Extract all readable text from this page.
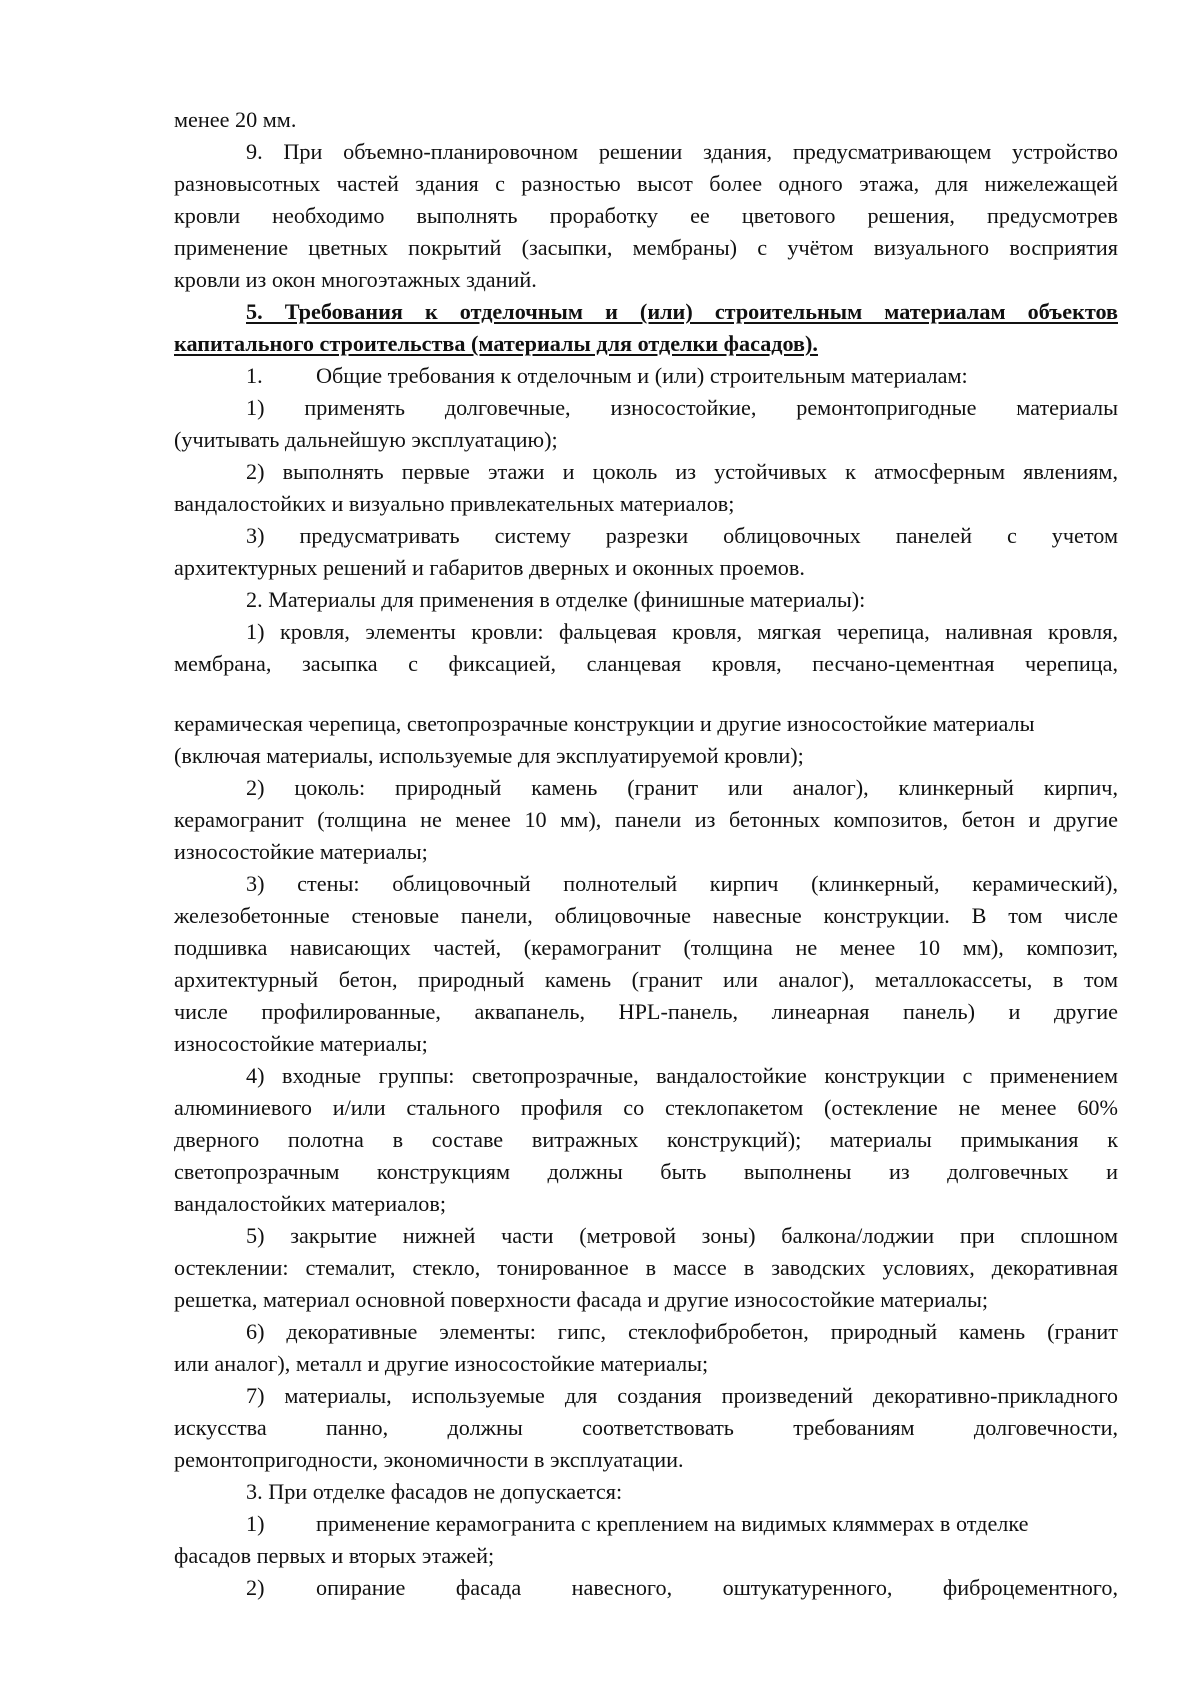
менее 20 мм.
9. При объемно-планировочном решении здания, предусматривающем устройство
разновысотных частей здания с разностью высот более одного этажа, для нижележащей
кровли необходимо выполнять проработку ее цветового решения, предусмотрев
применение цветных покрытий (засыпки, мембраны) с учётом визуального восприятия
кровли из окон многоэтажных зданий.
5. Требования к отделочным и (или) строительным материалам объектов
капитального строительства (материалы для отделки фасадов).
1. Общие требования к отделочным и (или) строительным материалам:
1) применять долговечные, износостойкие, ремонтопригодные материалы
(учитывать дальнейшую эксплуатацию);
2) выполнять первые этажи и цоколь из устойчивых к атмосферным явлениям,
вандалостойких и визуально привлекательных материалов;
3) предусматривать систему разрезки облицовочных панелей с учетом
архитектурных решений и габаритов дверных и оконных проемов.
2. Материалы для применения в отделке (финишные материалы):
1) кровля, элементы кровли: фальцевая кровля, мягкая черепица, наливная кровля,
мембрана, засыпка с фиксацией, сланцевая кровля, песчано-цементная черепица,
керамическая черепица, светопрозрачные конструкции и другие износостойкие материалы
(включая материалы, используемые для эксплуатируемой кровли);
2) цоколь: природный камень (гранит или аналог), клинкерный кирпич,
керамогранит (толщина не менее 10 мм), панели из бетонных композитов, бетон и другие
износостойкие материалы;
3) стены: облицовочный полнотелый кирпич (клинкерный, керамический),
железобетонные стеновые панели, облицовочные навесные конструкции. В том числе
подшивка нависающих частей, (керамогранит (толщина не менее 10 мм), композит,
архитектурный бетон, природный камень (гранит или аналог), металлокассеты, в том
числе профилированные, аквапанель, HPL-панель, линеарная панель) и другие
износостойкие материалы;
4) входные группы: светопрозрачные, вандалостойкие конструкции с применением
алюминиевого и/или стального профиля со стеклопакетом (остекление не менее 60%
дверного полотна в составе витражных конструкций); материалы примыкания к
светопрозрачным конструкциям должны быть выполнены из долговечных и
вандалостойких материалов;
5) закрытие нижней части (метровой зоны) балкона/лоджии при сплошном
остеклении: стемалит, стекло, тонированное в массе в заводских условиях, декоративная
решетка, материал основной поверхности фасада и другие износостойкие материалы;
6) декоративные элементы: гипс, стеклофибробетон, природный камень (гранит
или аналог), металл и другие износостойкие материалы;
7) материалы, используемые для создания произведений декоративно-прикладного
искусства панно, должны соответствовать требованиям долговечности,
ремонтопригодности, экономичности в эксплуатации.
3. При отделке фасадов не допускается:
1) применение керамогранита с креплением на видимых кляммерах в отделке
фасадов первых и вторых этажей;
2)	опирание фасада навесного, оштукатуренного, фиброцементного,
